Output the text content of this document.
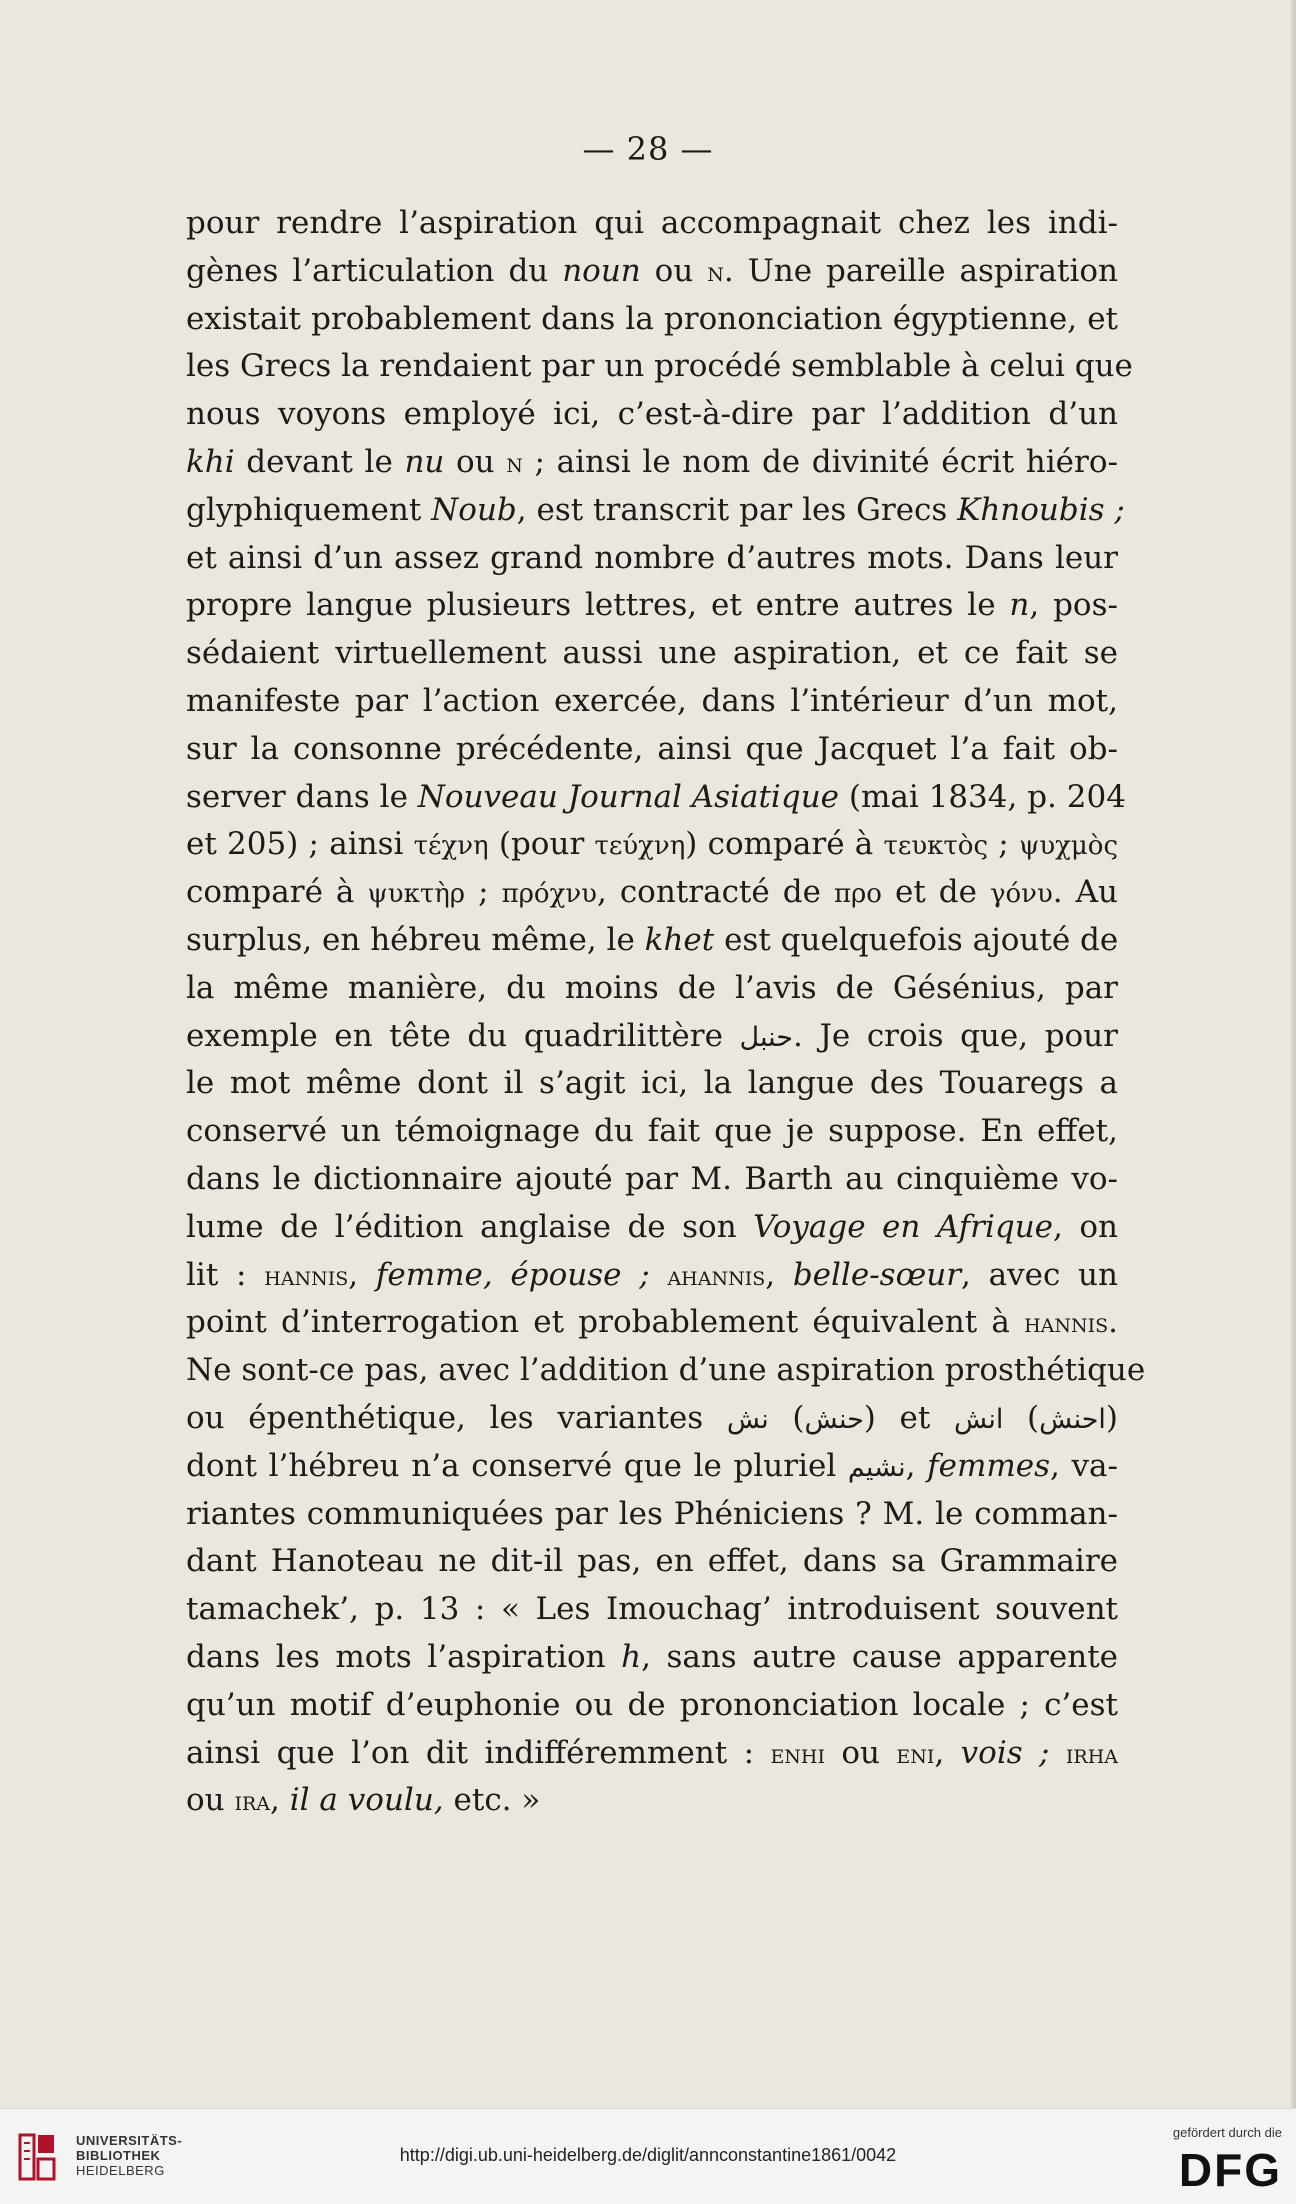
— 28 —
pour rendre l’aspiration qui accompagnait chez les indi-
gènes l’articulation du noun ou n. Une pareille aspiration
existait probablement dans la prononciation égyptienne, et
les Grecs la rendaient par un procédé semblable à celui que
nous voyons employé ici, c’est-à-dire par l’addition d’un
khi devant le nu ou n ; ainsi le nom de divinité écrit hiéro-
glyphiquement Noub, est transcrit par les Grecs Khnoubis ;
et ainsi d’un assez grand nombre d’autres mots. Dans leur
propre langue plusieurs lettres, et entre autres le n, pos-
sédaient virtuellement aussi une aspiration, et ce fait se
manifeste par l’action exercée, dans l’intérieur d’un mot,
sur la consonne précédente, ainsi que Jacquet l’a fait ob-
server dans le Nouveau Journal Asiatique (mai 1834, p. 204
et 205) ; ainsi τέχνη (pour τεύχνη) comparé à τευκτὸς ; ψυχμὸς
comparé à ψυκτὴρ ; πρόχνυ, contracté de προ et de γόνυ. Au
surplus, en hébreu même, le khet est quelquefois ajouté de
la même manière, du moins de l’avis de Gésénius, par
exemple en tête du quadrilittère حنبل. Je crois que, pour
le mot même dont il s’agit ici, la langue des Touaregs a
conservé un témoignage du fait que je suppose. En effet,
dans le dictionnaire ajouté par M. Barth au cinquième vo-
lume de l’édition anglaise de son Voyage en Afrique, on
lit : hannis, femme, épouse ; ahannis, belle-sœur, avec un
point d’interrogation et probablement équivalent à hannis.
Ne sont-ce pas, avec l’addition d’une aspiration prosthétique
ou épenthétique, les variantes نش (حنش) et انش (احنش)
dont l’hébreu n’a conservé que le pluriel نشيم, femmes, va-
riantes communiquées par les Phéniciens ? M. le comman-
dant Hanoteau ne dit-il pas, en effet, dans sa Grammaire
tamachek’, p. 13 : « Les Imouchag’ introduisent souvent
dans les mots l’aspiration h, sans autre cause apparente
qu’un motif d’euphonie ou de prononciation locale ; c’est
ainsi que l’on dit indifféremment : enhi ou eni, vois ; irha
ou ira, il a voulu, etc. »
UNIVERSITÄTS-
BIBLIOTHEK
HEIDELBERG
http://digi.ub.uni-heidelberg.de/diglit/annconstantine1861/0042
gefördert durch die
DFG
